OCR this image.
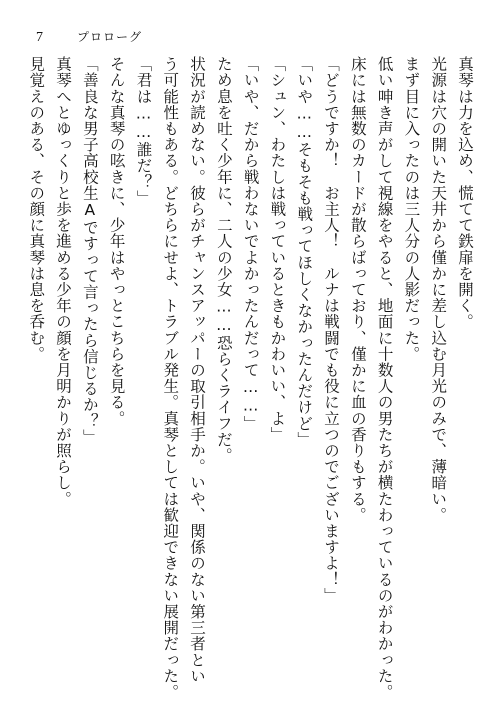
7	プロローグ
真琴は力を込め、慌てて鉄扉を開く。
光源は穴の開いた天井から僅かに差し込む月光のみで、薄暗い。
まず目に入ったのは三人分の人影だった。
低い呻き声がして視線をやると、地面に十数人の男たちが横たわっているのがわかった。
床には無数のカードが散らばっており、僅かに血の香りもする。
「どうですか！　お主人！　ルナは戦闘でも役に立つのでございますよ！」
「いや……そもそも戦ってほしくなかったんだけど」
「シュン、わたしは戦っているときもかわいい、よ」
「いや、だから戦わないでよかったんだって……」
ため息を吐く少年に、二人の少女……恐らくライフだ。
状況が読めない。彼らがチャンスアッパーの取引相手か。いや、関係のない第三者とい
う可能性もある。どちらにせよ、トラブル発生。真琴としては歓迎できない展開だった。
「君は……誰だ？」
そんな真琴の呟きに、少年はやっとこちらを見る。
「善良な男子高校生Aですって言ったら信じるか？」
真琴へとゆっくりと歩を進める少年の顔を月明かりが照らし。
見覚えのある、その顔に真琴は息を呑む。
